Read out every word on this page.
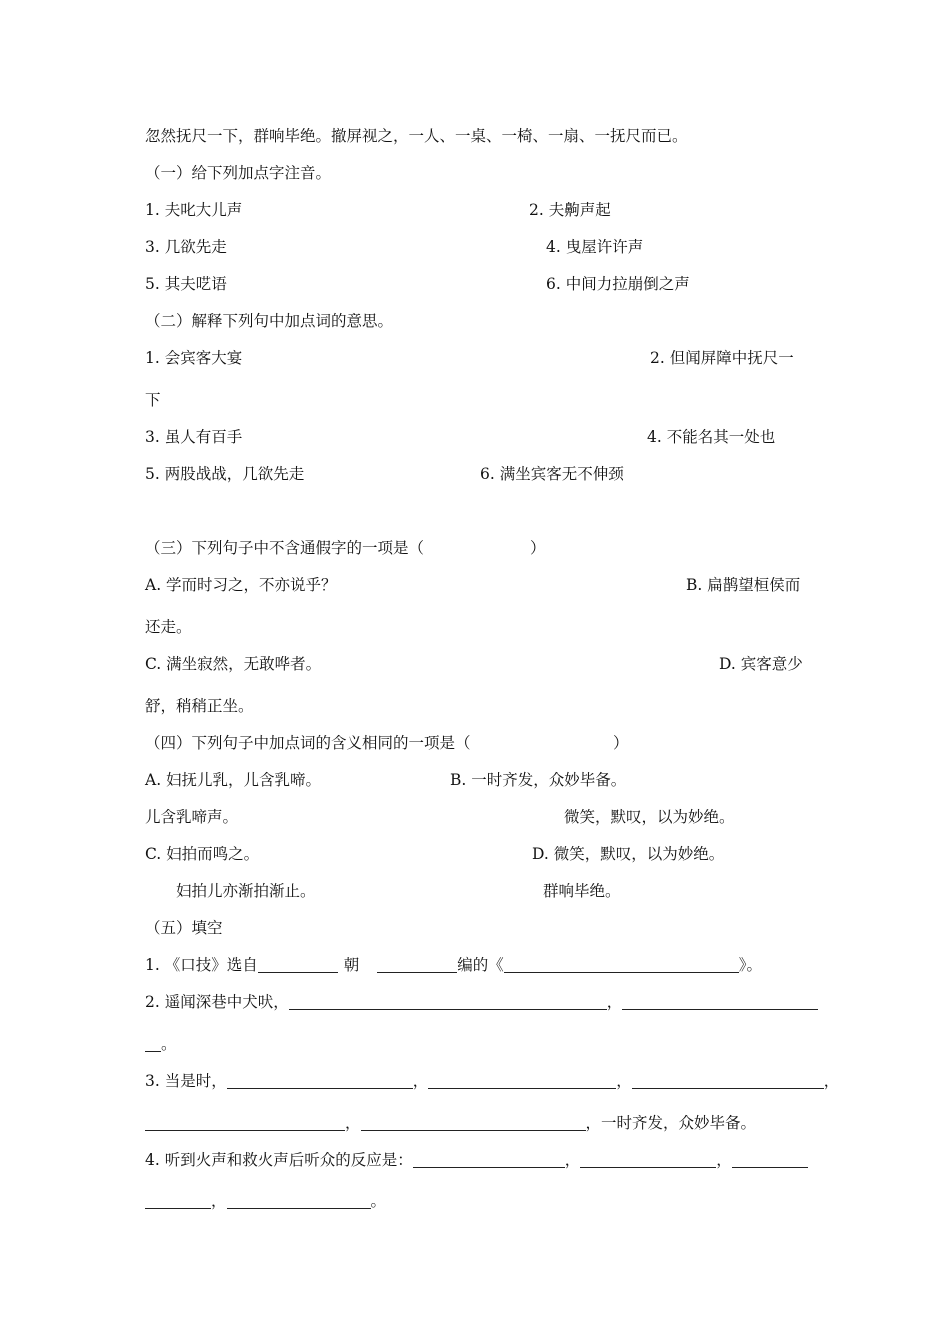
忽然抚尺一下，群响毕绝。撤屏视之，一人、一桌、一椅、一扇、一抚尺而已。
（一）给下列加点字注音。
1. 夫叱大儿声	2. 夫齁声起
3. 几欲先走	4. 曳屋许许声
5. 其夫呓语	6. 中间力拉崩倒之声
（二）解释下列句中加点词的意思。
1. 会宾客大宴	2. 但闻屏障中抚尺一
下
3. 虽人有百手	4. 不能名其一处也
5. 两股战战，几欲先走	6. 满坐宾客无不伸颈
（三）下列句子中不含通假字的一项是（	）
A. 学而时习之，不亦说乎？	B. 扁鹊望桓侯而
还走。
C. 满坐寂然，无敢哗者。	D. 宾客意少
舒，稍稍正坐。
（四）下列句子中加点词的含义相同的一项是（	）
A. 妇抚儿乳，儿含乳啼。	B. 一时齐发，众妙毕备。
儿含乳啼声。	微笑，默叹，以为妙绝。
C. 妇拍而鸣之。	D. 微笑，默叹，以为妙绝。
妇拍儿亦渐拍渐止。	群响毕绝。
（五）填空
1. 《口技》选自	朝	编的《	》。
2. 遥闻深巷中犬吠，	，
。
3. 当是时，	，	，	，
，	，一时齐发，众妙毕备。
4. 听到火声和救火声后听众的反应是：	，	，
，	。
